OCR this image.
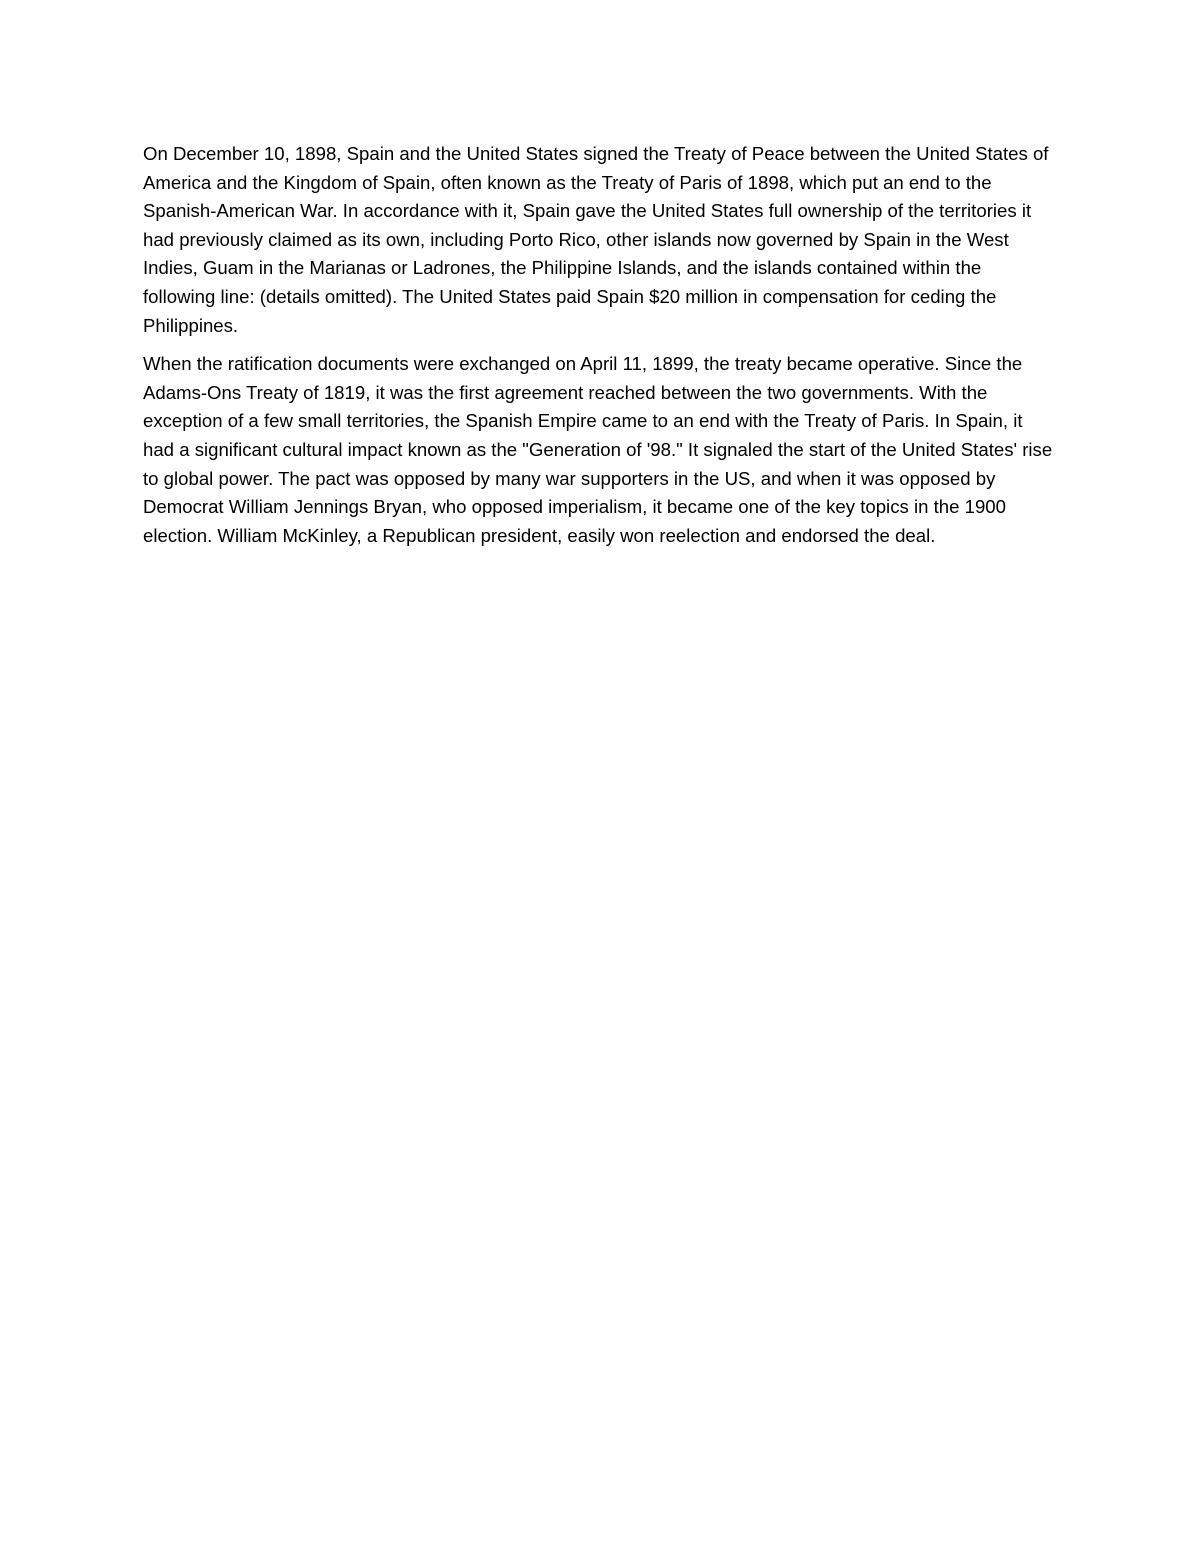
On December 10, 1898, Spain and the United States signed the Treaty of Peace between the United States of America and the Kingdom of Spain, often known as the Treaty of Paris of 1898, which put an end to the Spanish-American War. In accordance with it, Spain gave the United States full ownership of the territories it had previously claimed as its own, including Porto Rico, other islands now governed by Spain in the West Indies, Guam in the Marianas or Ladrones, the Philippine Islands, and the islands contained within the following line: (details omitted). The United States paid Spain $20 million in compensation for ceding the Philippines.

When the ratification documents were exchanged on April 11, 1899, the treaty became operative. Since the Adams-Ons Treaty of 1819, it was the first agreement reached between the two governments. With the exception of a few small territories, the Spanish Empire came to an end with the Treaty of Paris. In Spain, it had a significant cultural impact known as the "Generation of '98." It signaled the start of the United States' rise to global power. The pact was opposed by many war supporters in the US, and when it was opposed by Democrat William Jennings Bryan, who opposed imperialism, it became one of the key topics in the 1900 election. William McKinley, a Republican president, easily won reelection and endorsed the deal.
